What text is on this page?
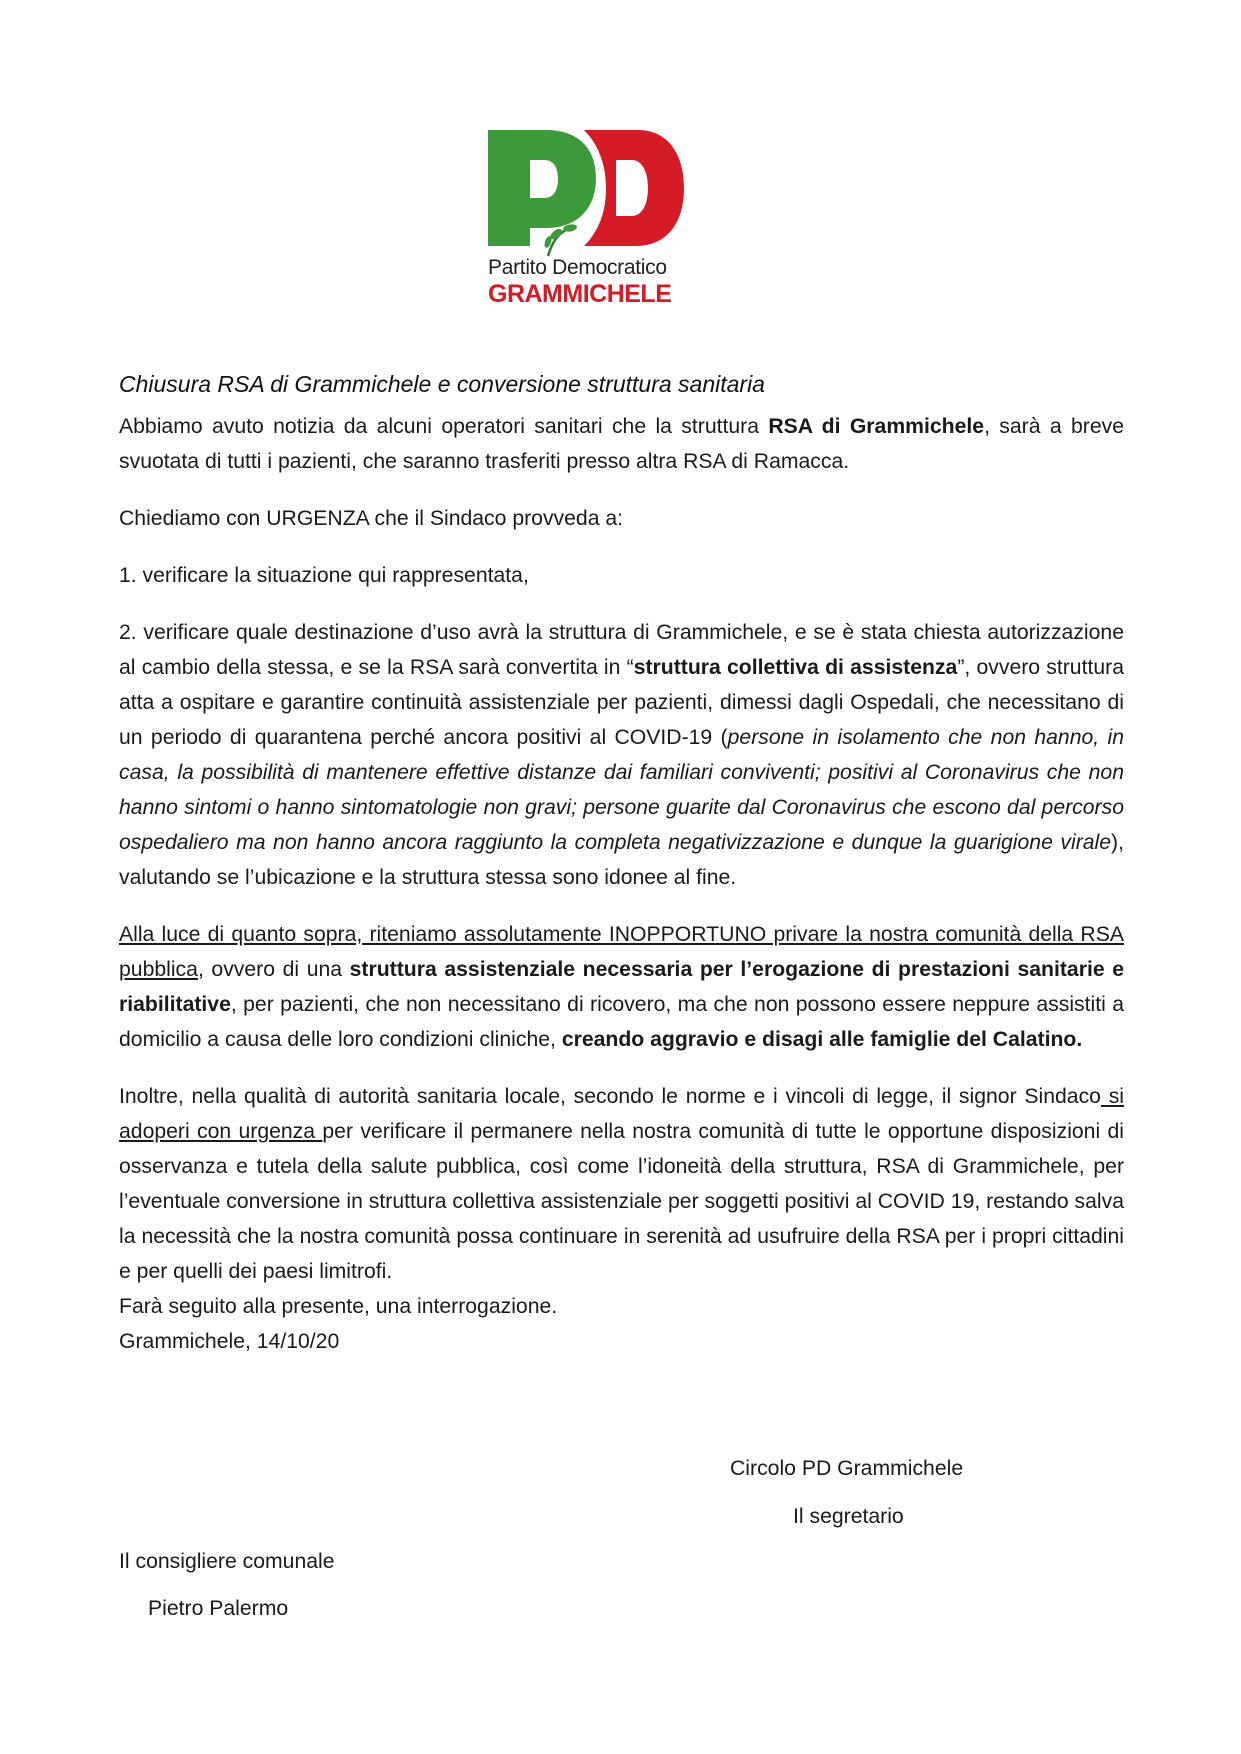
Partito Democratico
GRAMMICHELE
Chiusura RSA di Grammichele e conversione struttura sanitaria

Abbiamo avuto notizia da alcuni operatori sanitari che la struttura RSA di Grammichele, sarà a breve svuotata di tutti i pazienti, che saranno trasferiti presso altra RSA di Ramacca.

Chiediamo con URGENZA che il Sindaco provveda a:

1. verificare la situazione qui rappresentata,

2. verificare quale destinazione d’uso avrà la struttura di Grammichele, e se è stata chiesta autorizzazione al cambio della stessa, e se la RSA sarà convertita in “struttura collettiva di assistenza”, ovvero struttura atta a ospitare e garantire continuità assistenziale per pazienti, dimessi dagli Ospedali, che necessitano di un periodo di quarantena perché ancora positivi al COVID-19 (persone in isolamento che non hanno, in casa, la possibilità di mantenere effettive distanze dai familiari conviventi; positivi al Coronavirus che non hanno sintomi o hanno sintomatologie non gravi; persone guarite dal Coronavirus che escono dal percorso ospedaliero ma non hanno ancora raggiunto la completa negativizzazione e dunque la guarigione virale), valutando se l’ubicazione e la struttura stessa sono idonee al fine.

Alla luce di quanto sopra, riteniamo assolutamente INOPPORTUNO privare la nostra comunità della RSA pubblica, ovvero di una struttura assistenziale necessaria per l’erogazione di prestazioni sanitarie e riabilitative, per pazienti, che non necessitano di ricovero, ma che non possono essere neppure assistiti a domicilio a causa delle loro condizioni cliniche, creando aggravio e disagi alle famiglie del Calatino.

Inoltre, nella qualità di autorità sanitaria locale, secondo le norme e i vincoli di legge, il signor Sindaco si adoperi con urgenza per verificare il permanere nella nostra comunità di tutte le opportune disposizioni di osservanza e tutela della salute pubblica, così come l’idoneità della struttura, RSA di Grammichele, per l’eventuale conversione in struttura collettiva assistenziale per soggetti positivi al COVID 19, restando salva la necessità che la nostra comunità possa continuare in serenità ad usufruire della RSA per i propri cittadini e per quelli dei paesi limitrofi.

Farà seguito alla presente, una interrogazione.
Grammichele, 14/10/20
Circolo PD Grammichele
Il segretario
Il consigliere comunale
Pietro Palermo
